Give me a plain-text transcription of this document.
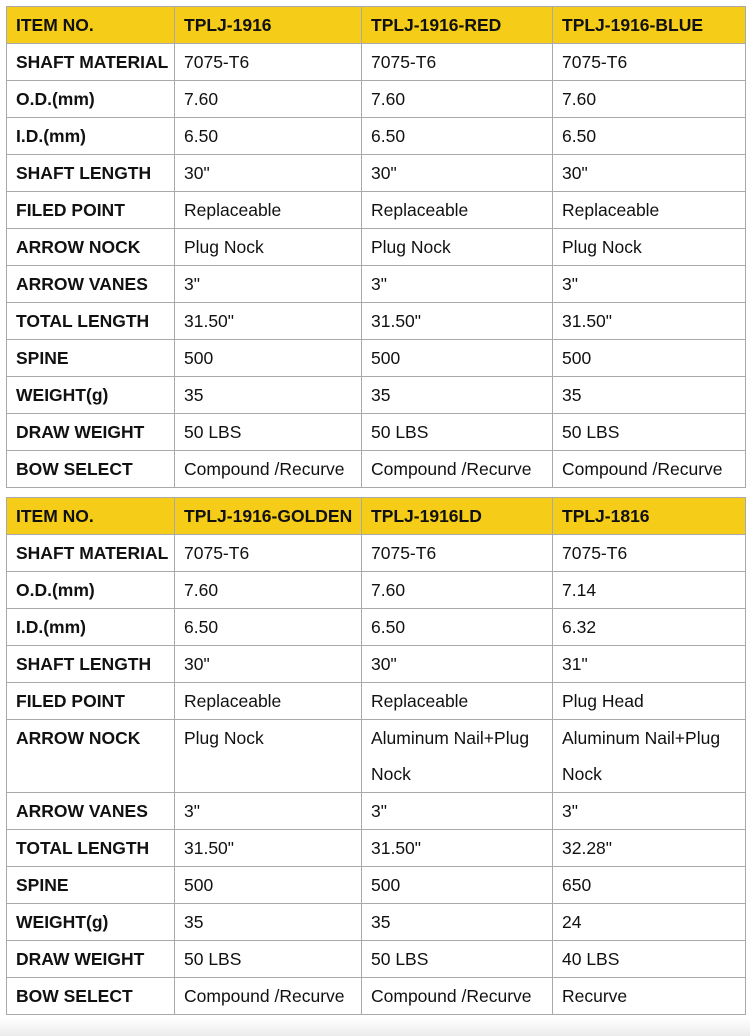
ITEM NO.	TPLJ-1916	TPLJ-1916-RED	TPLJ-1916-BLUE
SHAFT MATERIAL	7075-T6	7075-T6	7075-T6
O.D.(mm)	7.60	7.60	7.60
I.D.(mm)	6.50	6.50	6.50
SHAFT LENGTH	30"	30"	30"
FILED POINT	Replaceable	Replaceable	Replaceable
ARROW NOCK	Plug Nock	Plug Nock	Plug Nock
ARROW VANES	3"	3"	3"
TOTAL LENGTH	31.50"	31.50"	31.50"
SPINE	500	500	500
WEIGHT(g)	35	35	35
DRAW WEIGHT	50 LBS	50 LBS	50 LBS
BOW SELECT	Compound /Recurve	Compound /Recurve	Compound /Recurve
ITEM NO.	TPLJ-1916-GOLDEN	TPLJ-1916LD	TPLJ-1816
SHAFT MATERIAL	7075-T6	7075-T6	7075-T6
O.D.(mm)	7.60	7.60	7.14
I.D.(mm)	6.50	6.50	6.32
SHAFT LENGTH	30"	30"	31"
FILED POINT	Replaceable	Replaceable	Plug Head
ARROW NOCK	Plug Nock	Aluminum Nail+Plug Nock	Aluminum Nail+Plug Nock
ARROW VANES	3"	3"	3"
TOTAL LENGTH	31.50"	31.50"	32.28"
SPINE	500	500	650
WEIGHT(g)	35	35	24
DRAW WEIGHT	50 LBS	50 LBS	40 LBS
BOW SELECT	Compound /Recurve	Compound /Recurve	Recurve
